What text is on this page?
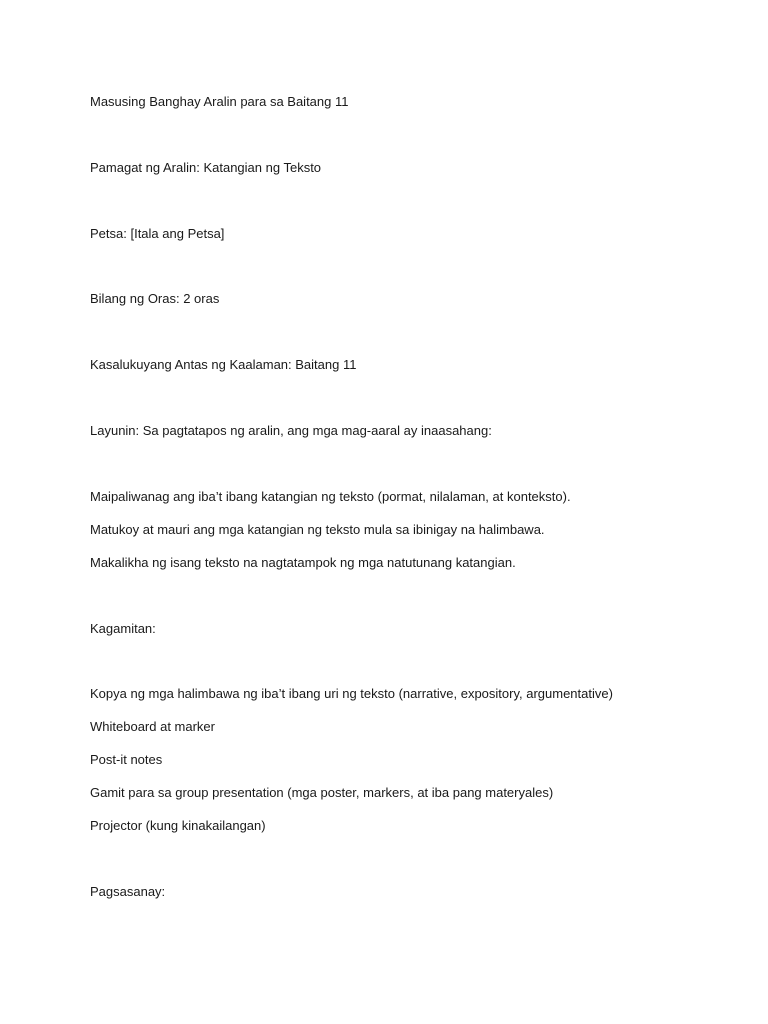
Masusing Banghay Aralin para sa Baitang 11

Pamagat ng Aralin: Katangian ng Teksto

Petsa: [Itala ang Petsa]

Bilang ng Oras: 2 oras

Kasalukuyang Antas ng Kaalaman: Baitang 11

Layunin: Sa pagtatapos ng aralin, ang mga mag-aaral ay inaasahang:

Maipaliwanag ang iba’t ibang katangian ng teksto (pormat, nilalaman, at konteksto).

Matukoy at mauri ang mga katangian ng teksto mula sa ibinigay na halimbawa.

Makalikha ng isang teksto na nagtatampok ng mga natutunang katangian.

Kagamitan:

Kopya ng mga halimbawa ng iba’t ibang uri ng teksto (narrative, expository, argumentative)

Whiteboard at marker

Post-it notes

Gamit para sa group presentation (mga poster, markers, at iba pang materyales)

Projector (kung kinakailangan)

Pagsasanay:
